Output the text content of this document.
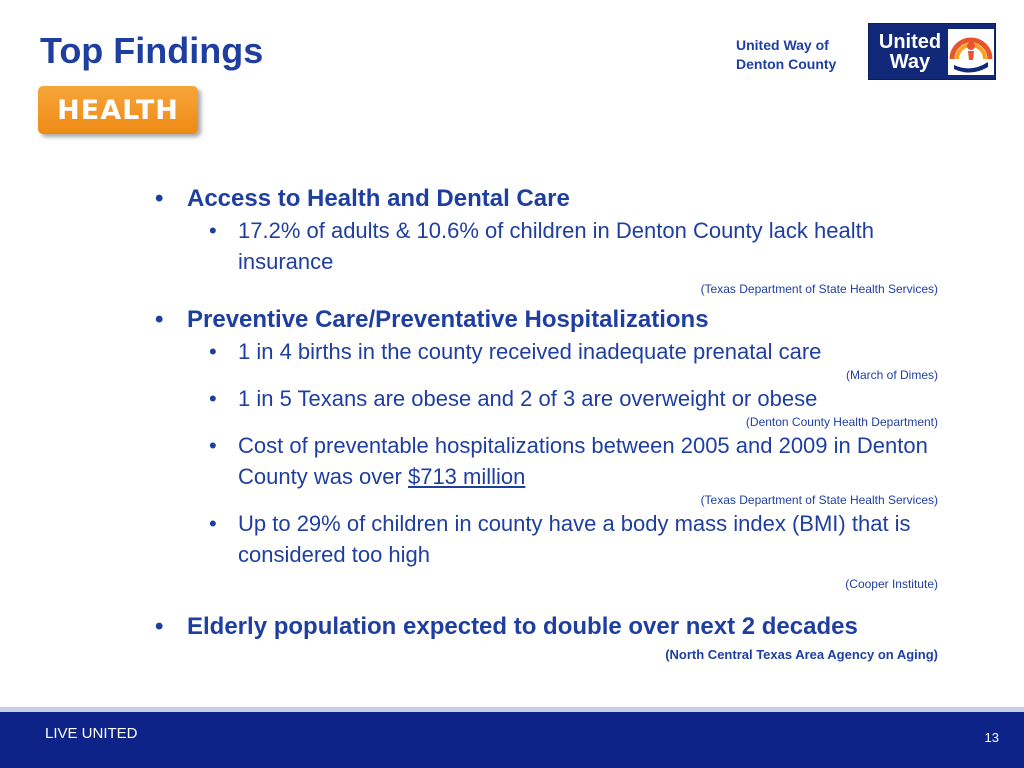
Top Findings
HEALTH
United Way of
Denton County
United
Way
• Access to Health and Dental Care
• 17.2% of adults & 10.6% of children in Denton County lack health insurance
(Texas Department of State Health Services)
• Preventive Care/Preventative Hospitalizations
• 1 in 4 births in the county received inadequate prenatal care
(March of Dimes)
• 1 in 5 Texans are obese and 2 of 3 are overweight or obese
(Denton County Health Department)
• Cost of preventable hospitalizations between 2005 and 2009 in Denton County was over $713 million
(Texas Department of State Health Services)
• Up to 29% of children in county have a body mass index (BMI) that is considered too high
(Cooper Institute)
• Elderly population expected to double over next 2 decades
(North Central Texas Area Agency on Aging)
LIVE UNITED	13
